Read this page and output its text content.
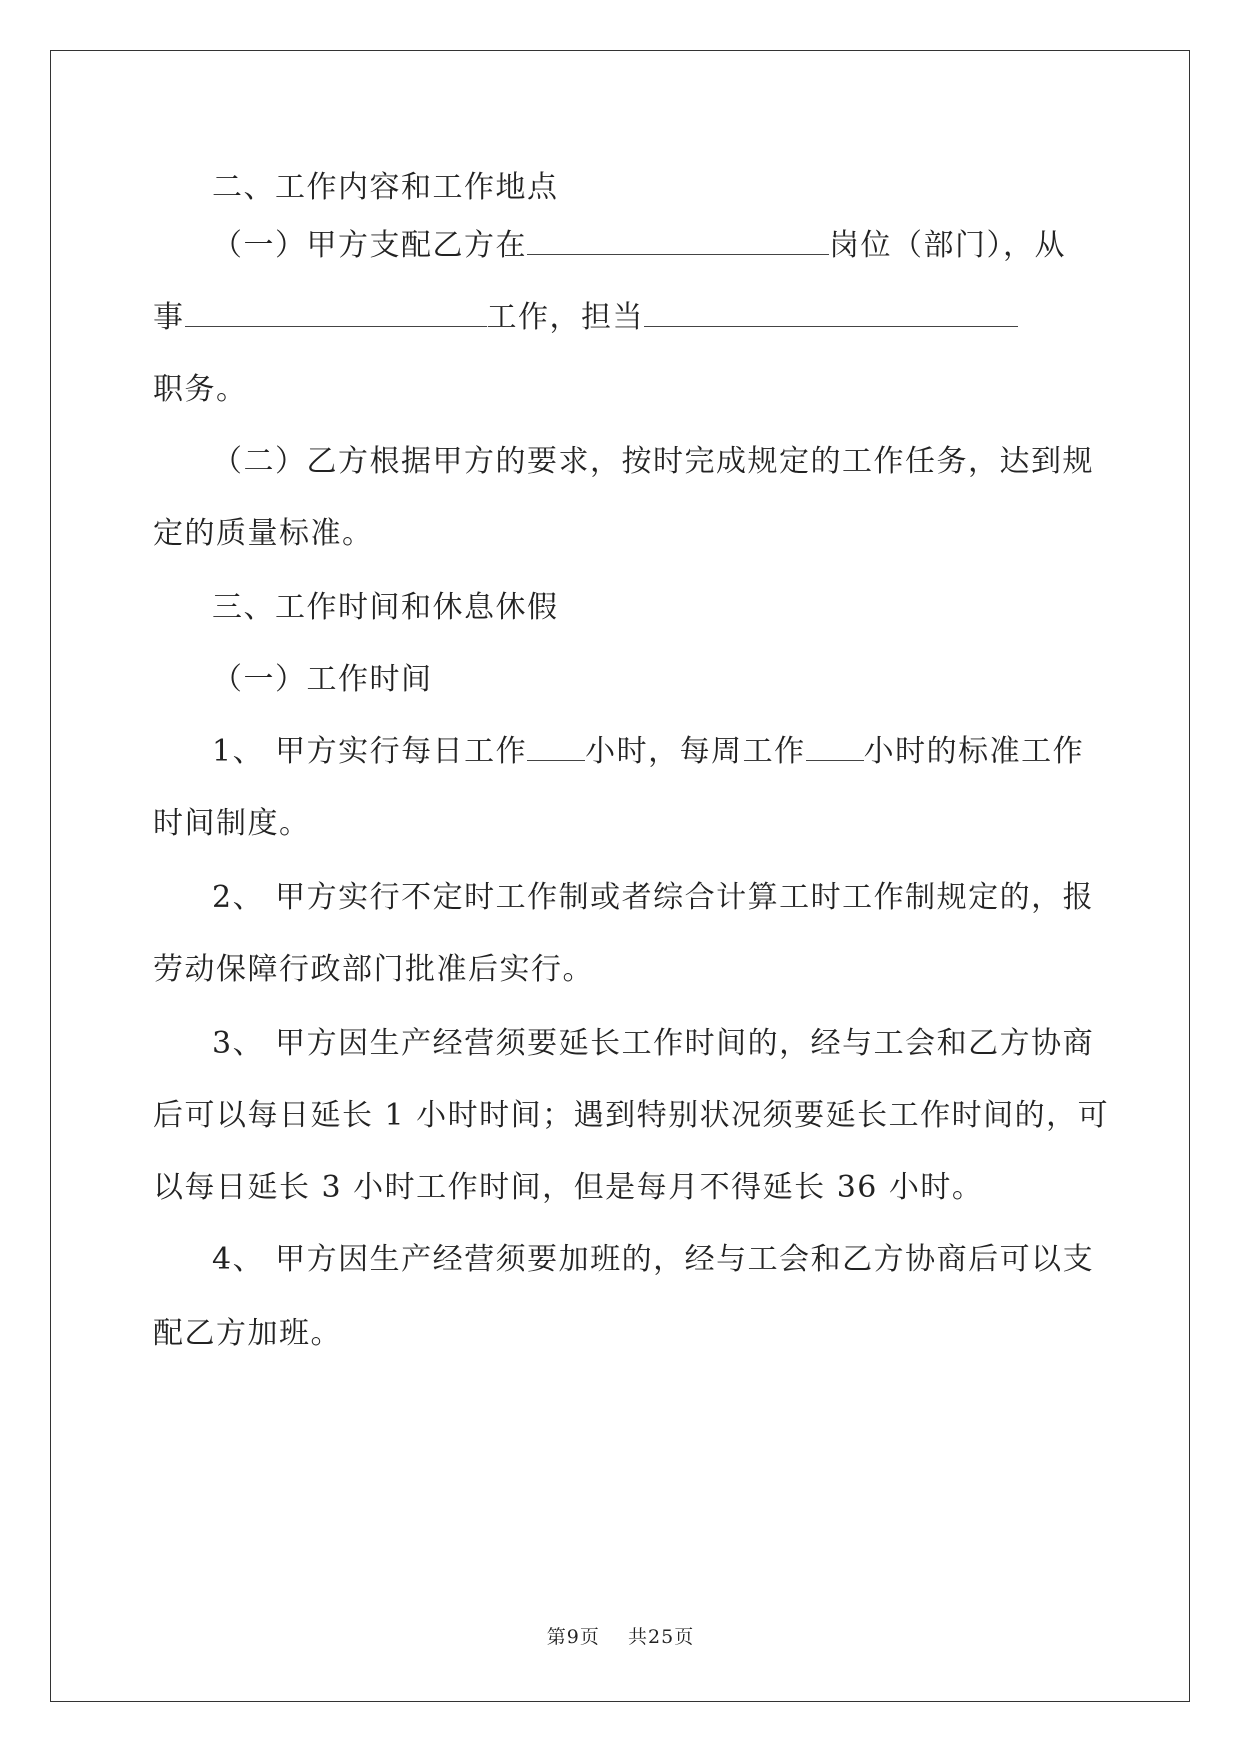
二、工作内容和工作地点
（一）甲方支配乙方在	岗位（部门），从
事	工作，担当
职务。
（二）乙方根据甲方的要求，按时完成规定的工作任务，达到规
定的质量标准。
三、工作时间和休息休假
（一）工作时间
1、 甲方实行每日工作 小时，每周工作 小时的标准工作
时间制度。
2、 甲方实行不定时工作制或者综合计算工时工作制规定的，报
劳动保障行政部门批准后实行。
3、 甲方因生产经营须要延长工作时间的，经与工会和乙方协商
后可以每日延长 1 小时时间；遇到特别状况须要延长工作时间的，可
以每日延长 3 小时工作时间，但是每月不得延长 36 小时。
4、 甲方因生产经营须要加班的，经与工会和乙方协商后可以支
配乙方加班。
第9页 共25页
